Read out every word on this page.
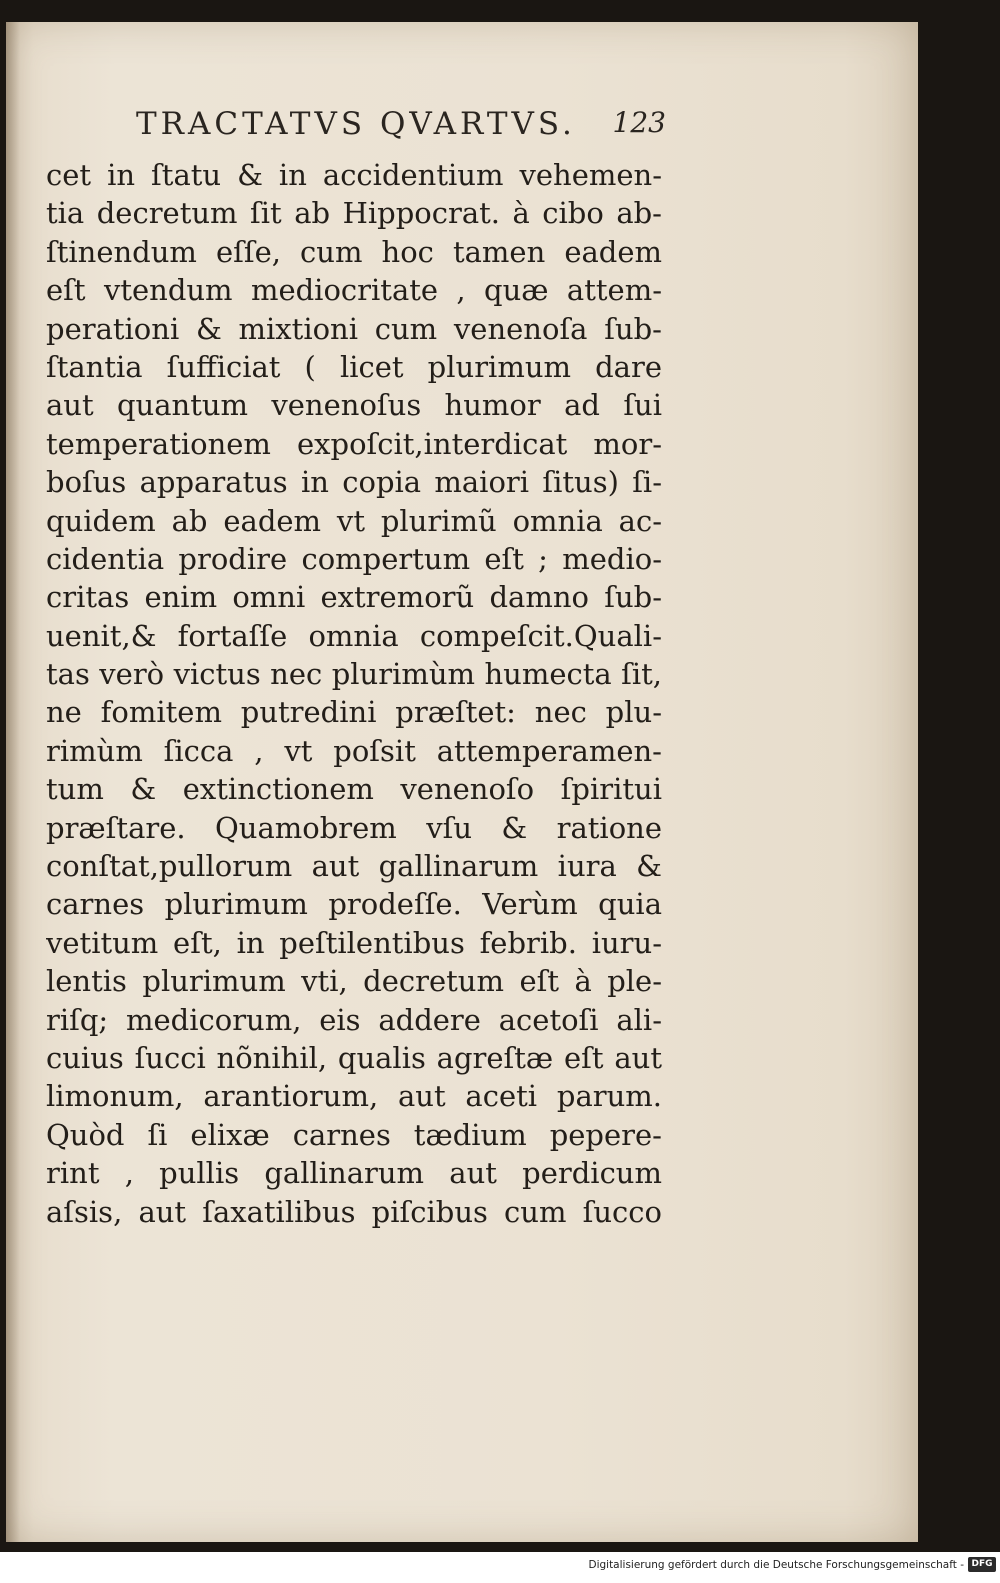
TRACTATVS QVARTVS. 123
cet in ſtatu & in accidentium vehemen-
tia decretum ſit ab Hippocrat. à cibo ab-
ſtinendum eſſe, cum hoc tamen eadem
eſt vtendum mediocritate , quæ attem-
perationi & mixtioni cum venenoſa ſub-
ſtantia ſufficiat ( licet plurimum dare
aut quantum venenoſus humor ad ſui
temperationem expoſcit,interdicat mor-
boſus apparatus in copia maiori ſitus) ſi-
quidem ab eadem vt plurimũ omnia ac-
cidentia prodire compertum eſt ; medio-
critas enim omni extremorũ damno ſub-
uenit,& fortaſſe omnia compeſcit.Quali-
tas verò victus nec plurimùm humecta ſit,
ne fomitem putredini præſtet: nec plu-
rimùm ſicca , vt poſsit attemperamen-
tum & extinctionem venenoſo ſpiritui
præſtare. Quamobrem vſu & ratione
conſtat,pullorum aut gallinarum iura &
carnes plurimum prodeſſe. Verùm quia
vetitum eſt, in peſtilentibus febrib. iuru-
lentis plurimum vti, decretum eſt à ple-
riſq; medicorum, eis addere acetoſi ali-
cuius ſucci nõnihil, qualis agreſtæ eſt aut
limonum, arantiorum, aut aceti parum.
Quòd ſi elixæ carnes tædium pepere-
rint , pullis gallinarum aut perdicum
aſsis, aut ſaxatilibus piſcibus cum ſucco
Digitalisierung gefördert durch die Deutsche Forschungsgemeinschaft - DFG
